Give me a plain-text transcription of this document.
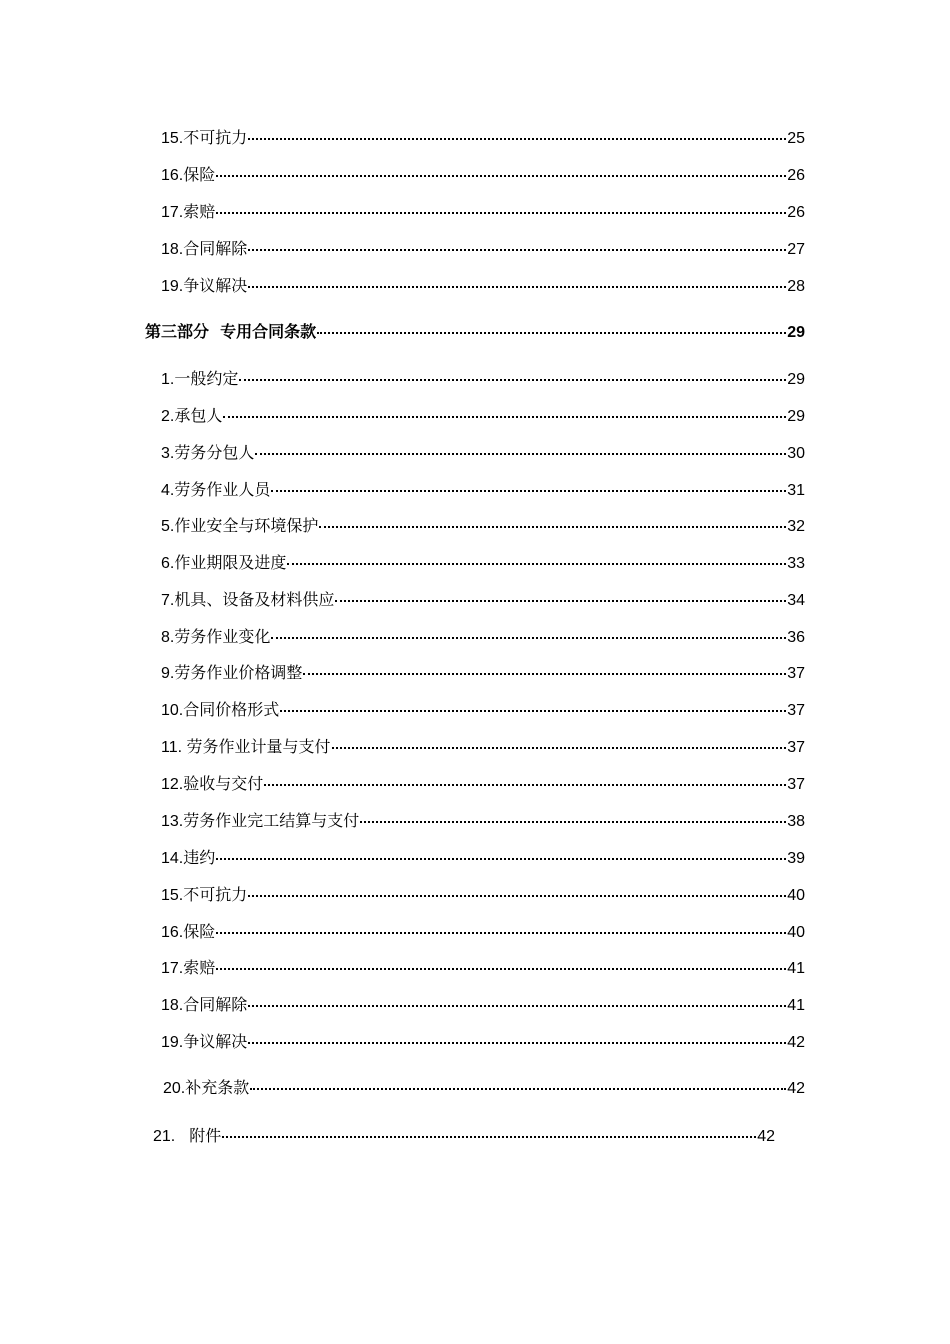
15.不可抗力	25
16.保险	26
17.索赔	26
18.合同解除	27
19.争议解决	28
第三部分  专用合同条款	29
1.一般约定	29
2.承包人	29
3.劳务分包人	30
4.劳务作业人员	31
5.作业安全与环境保护	32
6.作业期限及进度	33
7.机具、设备及材料供应	34
8.劳务作业变化	36
9.劳务作业价格调整	37
10.合同价格形式	37
11. 劳务作业计量与支付	37
12.验收与交付	37
13.劳务作业完工结算与支付	38
14.违约	39
15.不可抗力	40
16.保险	40
17.索赔	41
18.合同解除	41
19.争议解决	42
20.补充条款	42
21. 附件	42
